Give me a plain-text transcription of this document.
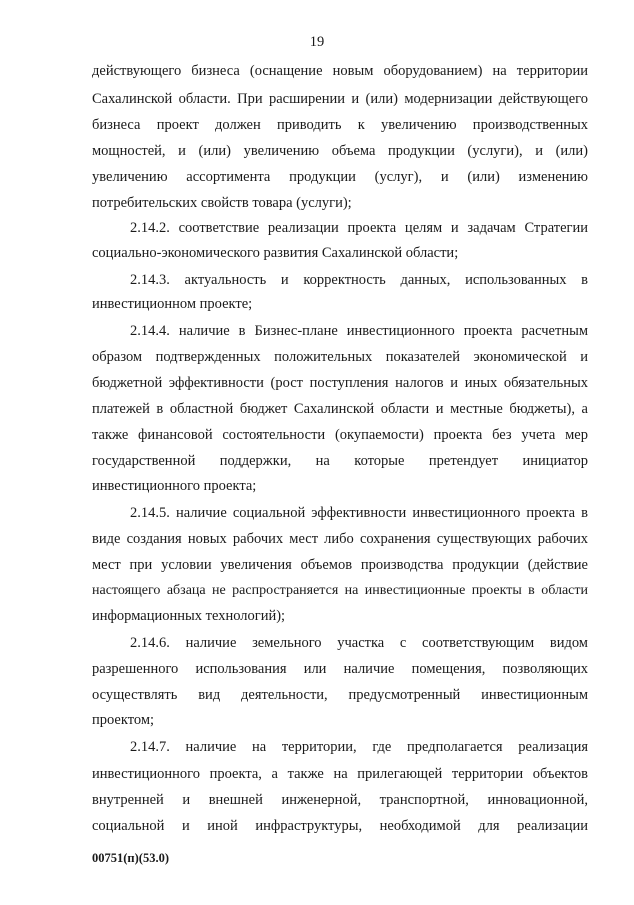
19
действующего бизнеса (оснащение новым оборудованием) на территории
Сахалинской области. При расширении и (или) модернизации действующего
бизнеса проект должен приводить к увеличению производственных
мощностей, и (или) увеличению объема продукции (услуги), и (или)
увеличению ассортимента продукции (услуг), и (или) изменению
потребительских свойств товара (услуги);
2.14.2. соответствие реализации проекта целям и задачам Стратегии
социально-экономического развития Сахалинской области;
2.14.3. актуальность и корректность данных, использованных в
инвестиционном проекте;
2.14.4. наличие в Бизнес-плане инвестиционного проекта расчетным
образом подтвержденных положительных показателей экономической и
бюджетной эффективности (рост поступления налогов и иных обязательных
платежей в областной бюджет Сахалинской области и местные бюджеты), а
также финансовой состоятельности (окупаемости) проекта без учета мер
государственной поддержки, на которые претендует инициатор
инвестиционного проекта;
2.14.5. наличие социальной эффективности инвестиционного проекта в
виде создания новых рабочих мест либо сохранения существующих рабочих
мест при условии увеличения объемов производства продукции (действие
настоящего абзаца не распространяется на инвестиционные проекты в области
информационных технологий);
2.14.6. наличие земельного участка с соответствующим видом
разрешенного использования или наличие помещения, позволяющих
осуществлять вид деятельности, предусмотренный инвестиционным
проектом;
2.14.7. наличие на территории, где предполагается реализация
инвестиционного проекта, а также на прилегающей территории объектов
внутренней и внешней инженерной, транспортной, инновационной,
социальной и иной инфраструктуры, необходимой для реализации
00751(п)(53.0)
